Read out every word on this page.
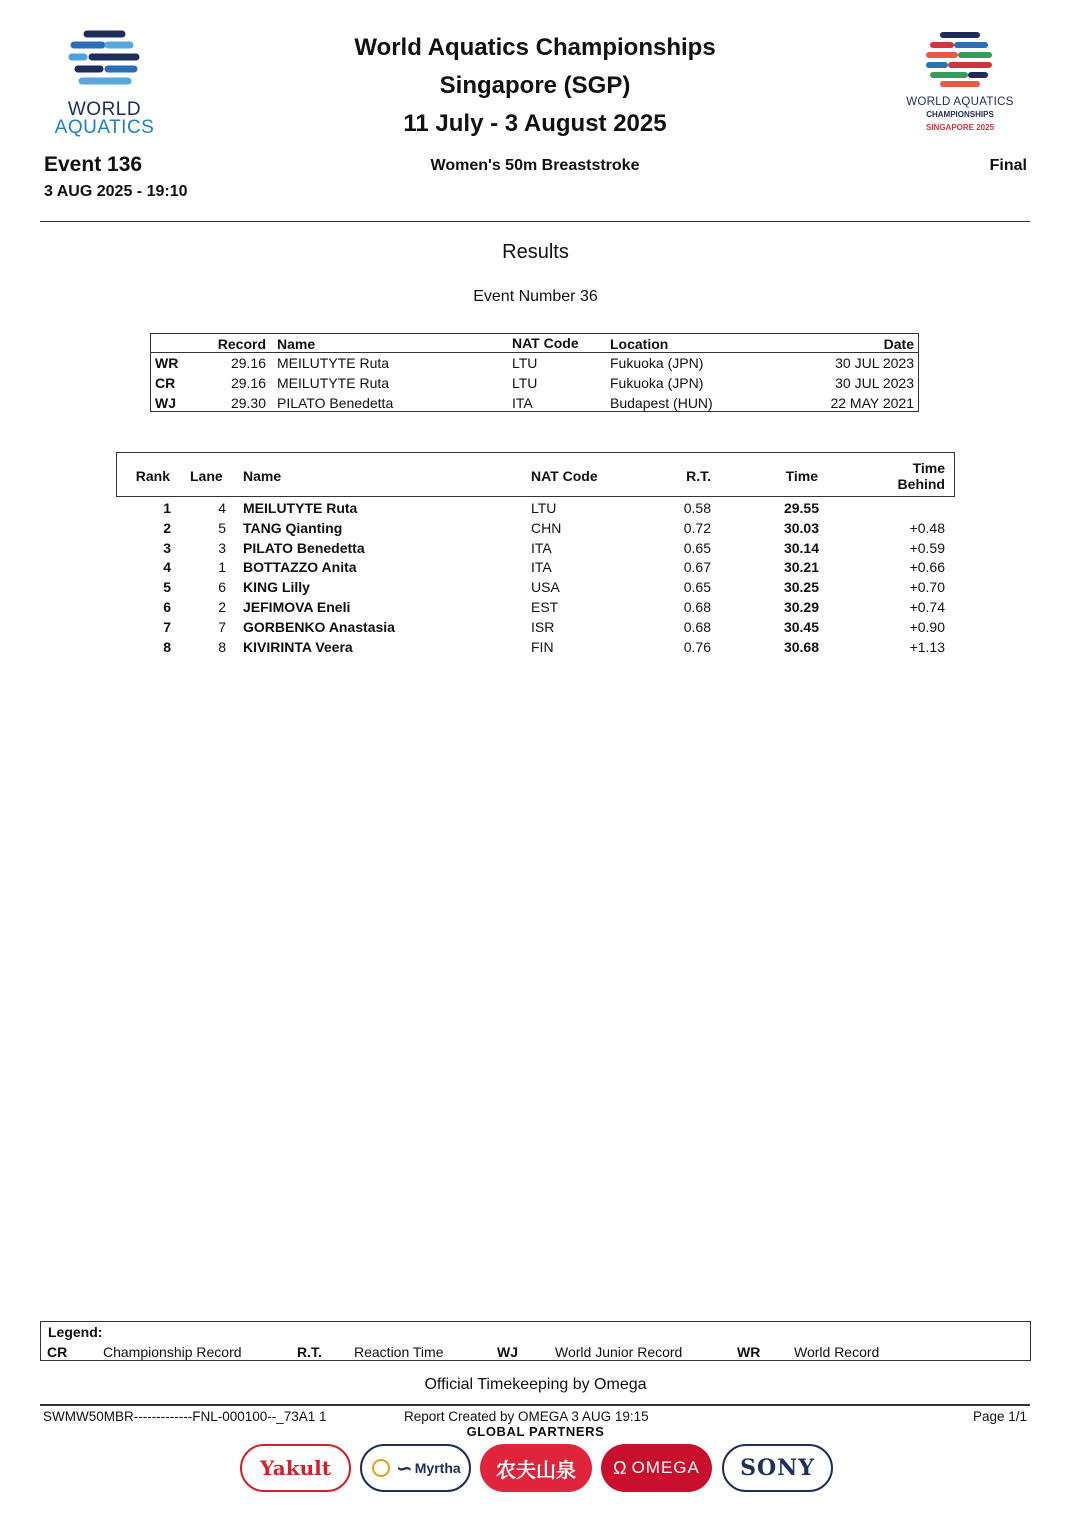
WORLD
AQUATICS
World Aquatics Championships
Singapore (SGP)
11 July - 3 August 2025
WORLD AQUATICS
CHAMPIONSHIPS
SINGAPORE 2025
Event 136
3 AUG 2025 - 19:10
Women's 50m Breaststroke	Final
Results
Event Number 36
Record Name	NAT Code Location	Date
WR	29.16 MEILUTYTE Ruta	LTU	Fukuoka (JPN)	30 JUL 2023
CR	29.16 MEILUTYTE Ruta	LTU	Fukuoka (JPN)	30 JUL 2023
WJ	29.30 PILATO Benedetta	ITA	Budapest (HUN)	22 MAY 2021
Rank Lane Name	NAT Code	R.T.	Time	Time
Behind
1	4 MEILUTYTE Ruta	LTU	0.58	29.55
2	5 TANG Qianting	CHN	0.72	30.03	+0.48
3	3 PILATO Benedetta	ITA	0.65	30.14	+0.59
4	1 BOTTAZZO Anita	ITA	0.67	30.21	+0.66
5	6 KING Lilly	USA	0.65	30.25	+0.70
6	2 JEFIMOVA Eneli	EST	0.68	30.29	+0.74
7	7 GORBENKO Anastasia	ISR	0.68	30.45	+0.90
8	8 KIVIRINTA Veera	FIN	0.76	30.68	+1.13
Legend:
CR	Championship Record	R.T. Reaction Time	WJ	World Junior Record	WR World Record
Official Timekeeping by Omega
SWMW50MBR-------------FNL-000100--_73A1 1	Report Created by OMEGA 3 AUG 19:15	Page 1/1
GLOBAL PARTNERS
Yakult	∽ Myrtha 农夫山泉 Ω OMEGA SONY
